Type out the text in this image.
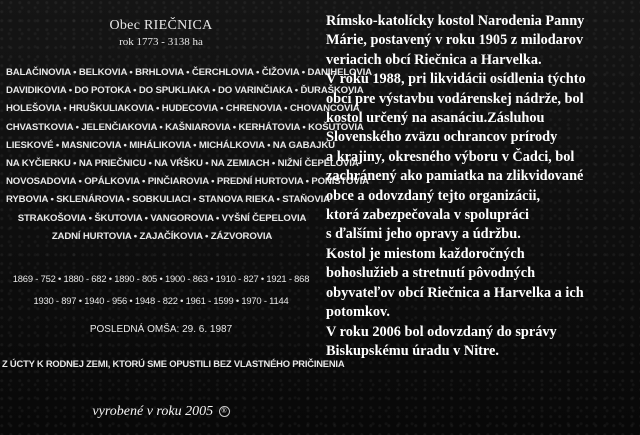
Obec RIEČNICA
rok 1773 - 3138 ha
BALAČINOVIA • BELKOVIA • BRHLOVIA • ČERCHLOVIA • ČIŽOVIA • DANIHELOVIA
DAVIDIKOVIA • DO POTOKA • DO SPUKLIAKA • DO VARINČIAKA • ĎURAŠKOVIA
HOLEŠOVIA • HRUŠKULIAKOVIA • HUDECOVIA • CHRENOVIA • CHOVANCOVIA
CHVASTKOVIA • JELENČIAKOVIA • KAŠNIAROVIA • KERHÁTOVIA • KOŠUTOVIA
LIESKOVÉ • MASNICOVIA • MIHÁLIKOVIA • MICHÁLKOVIA • NA GABAJKU
NA KYČIERKU • NA PRIEČNICU • NA VŔŠKU • NA ZEMIACH • NIŽNÍ ČEPELOVIA
NOVOSADOVIA • OPÁLKOVIA • PINČIAROVIA • PREDNÍ HURTOVIA • PONIŠTOVIA
RYBOVIA • SKLENÁROVIA • SOBKULIACI • STANOVA RIEKA • STAŇOVIA
STRAKOŠOVIA • ŠKUTOVIA • VANGOROVIA • VYŠNÍ ČEPELOVIA
ZADNÍ HURTOVIA • ZAJAČÍKOVIA • ZÁZVOROVIA
1869 - 752 • 1880 - 682 • 1890 - 805 • 1900 - 863 • 1910 - 827 • 1921 - 868
1930 - 897 • 1940 - 956 • 1948 - 822 • 1961 - 1599 • 1970 - 1144
POSLEDNÁ OMŠA: 29. 6. 1987
Z ÚCTY K RODNEJ ZEMI, KTORÚ SME OPUSTILI BEZ VLASTNÉHO PRIČINENIA
vyrobené v roku 2005 ®
Rímsko-katolícky kostol Narodenia Panny
Márie, postavený v roku 1905 z milodarov
veriacich obcí Riečnica a Harvelka.
V roku 1988, pri likvidácii osídlenia týchto
obcí pre výstavbu vodárenskej nádrže, bol
kostol určený na asanáciu.Zásluhou
Slovenského zväzu ochrancov prírody
a krajiny, okresného výboru v Čadci, bol
zachránený ako pamiatka na zlikvidované
obce a odovzdaný tejto organizácii,
ktorá zabezpečovala v spolupráci
s ďalšími jeho opravy a údržbu.
Kostol je miestom každoročných
bohoslužieb a stretnutí pôvodných
obyvateľov obcí Riečnica a Harvelka a ich
potomkov.
V roku 2006 bol odovzdaný do správy
Biskupskému úradu v Nitre.
